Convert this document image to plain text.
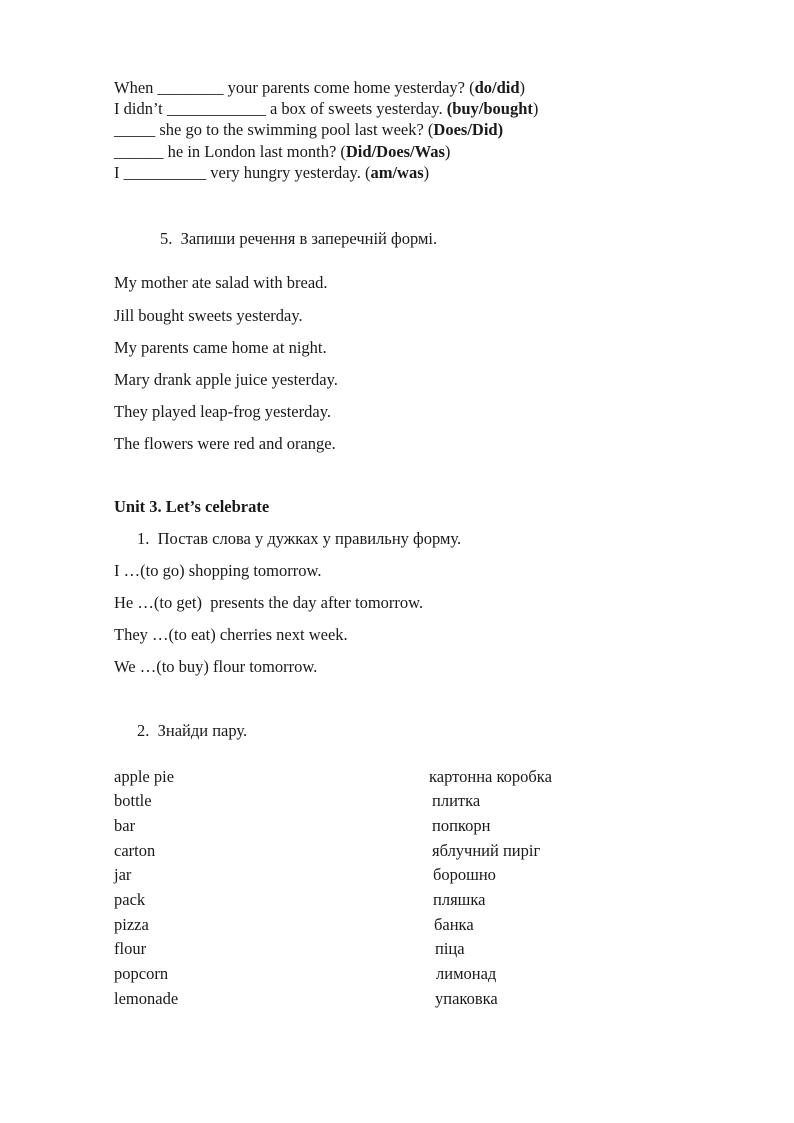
When ________ your parents come home yesterday? (do/did)
I didn’t ____________ a box of sweets yesterday. (buy/bought)
_____ she go to the swimming pool last week? (Does/Did)
______ he in London last month? (Did/Does/Was)
I __________ very hungry yesterday. (am/was)
5. Запиши речення в заперечній формі.
My mother ate salad with bread.
Jill bought sweets yesterday.
My parents came home at night.
Mary drank apple juice yesterday.
They played leap-frog yesterday.
The flowers were red and orange.
Unit 3. Let’s celebrate
1. Постав слова у дужках у правильну форму.
I …(to go) shopping tomorrow.
He …(to get)  presents the day after tomorrow.
They …(to eat) cherries next week.
We …(to buy) flour tomorrow.
2. Знайди пару.
apple pie
bottle
bar
carton
jar
pack
pizza
flour
popcorn
lemonade
картонна коробка
плитка
попкорн
яблучний пиріг
борошно
пляшка
банка
піца
лимонад
упаковка
